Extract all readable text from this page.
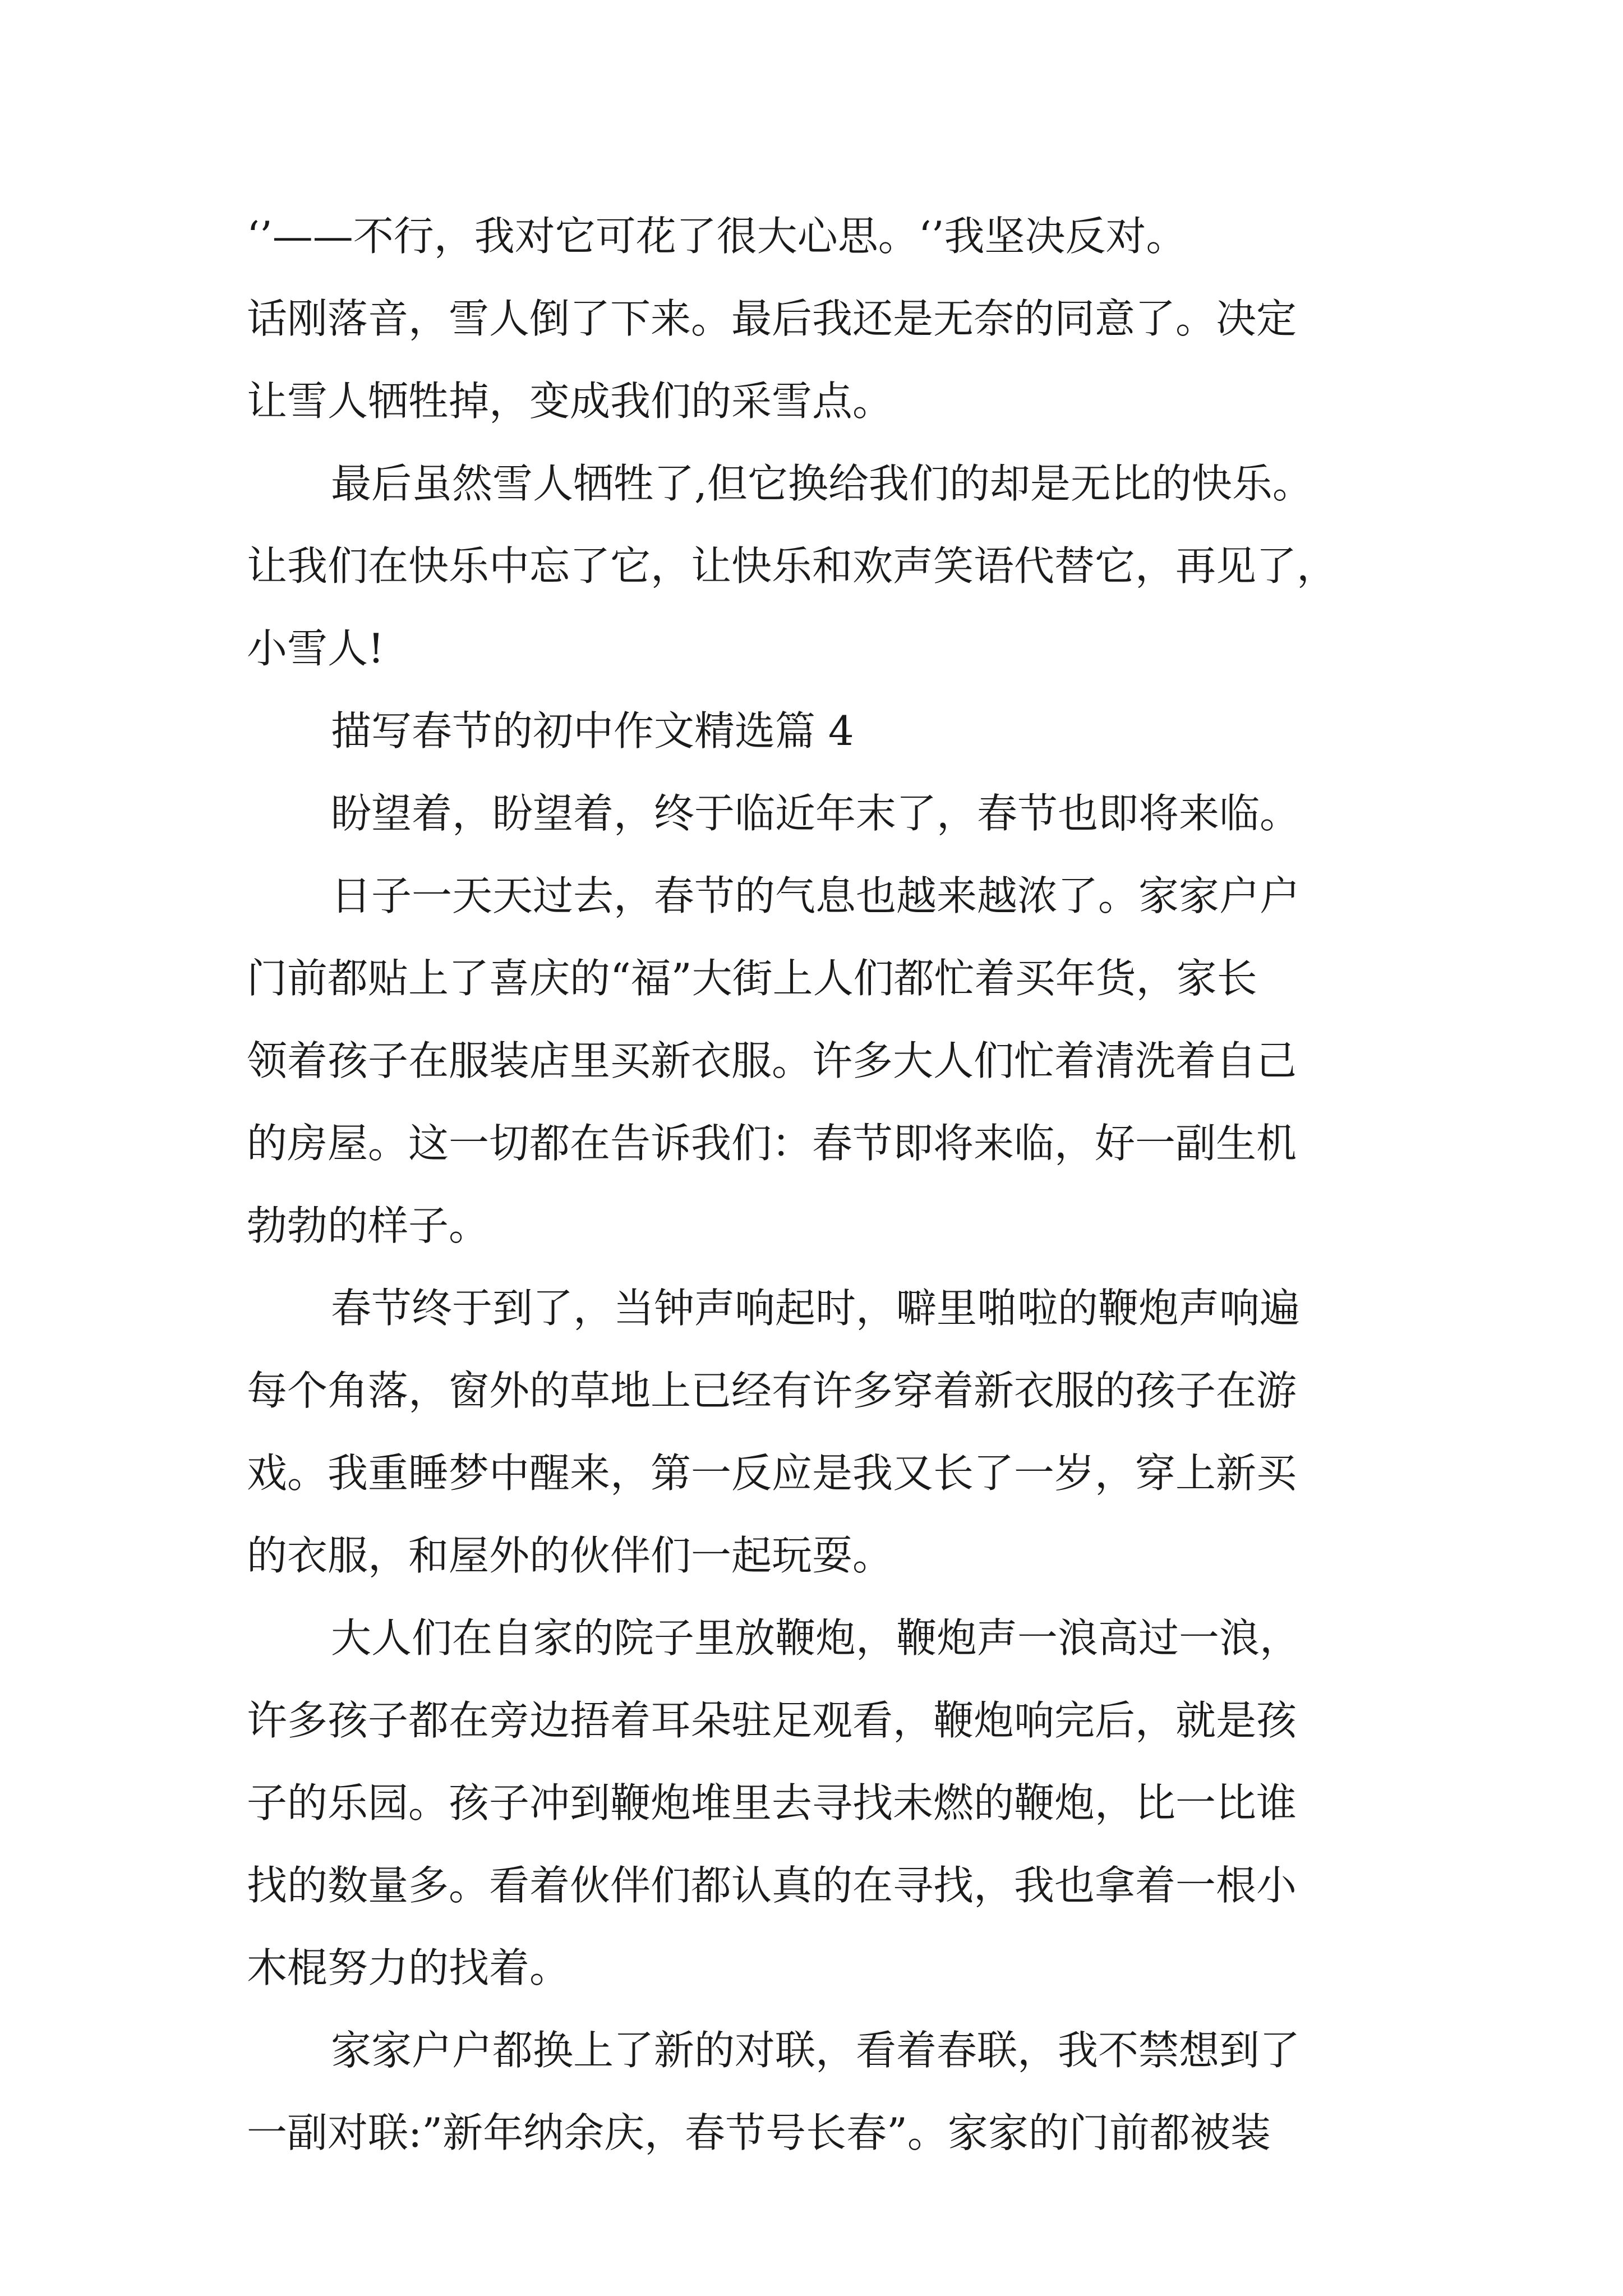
‘’——不行，我对它可花了很大心思。‘’我坚决反对。
话刚落音，雪人倒了下来。最后我还是无奈的同意了。决定
让雪人牺牲掉，变成我们的采雪点。
最后虽然雪人牺牲了,但它换给我们的却是无比的快乐。
让我们在快乐中忘了它，让快乐和欢声笑语代替它，再见了，
小雪人!
描写春节的初中作文精选篇 4
盼望着，盼望着，终于临近年末了，春节也即将来临。
日子一天天过去，春节的气息也越来越浓了。家家户户
门前都贴上了喜庆的“福”大街上人们都忙着买年货，家长
领着孩子在服装店里买新衣服。许多大人们忙着清洗着自己
的房屋。这一切都在告诉我们：春节即将来临，好一副生机
勃勃的样子。
春节终于到了，当钟声响起时，噼里啪啦的鞭炮声响遍
每个角落，窗外的草地上已经有许多穿着新衣服的孩子在游
戏。我重睡梦中醒来，第一反应是我又长了一岁，穿上新买
的衣服，和屋外的伙伴们一起玩耍。
大人们在自家的院子里放鞭炮，鞭炮声一浪高过一浪，
许多孩子都在旁边捂着耳朵驻足观看，鞭炮响完后，就是孩
子的乐园。孩子冲到鞭炮堆里去寻找未燃的鞭炮，比一比谁
找的数量多。看着伙伴们都认真的在寻找，我也拿着一根小
木棍努力的找着。
家家户户都换上了新的对联，看着春联，我不禁想到了
一副对联:”新年纳余庆，春节号长春”。家家的门前都被装
